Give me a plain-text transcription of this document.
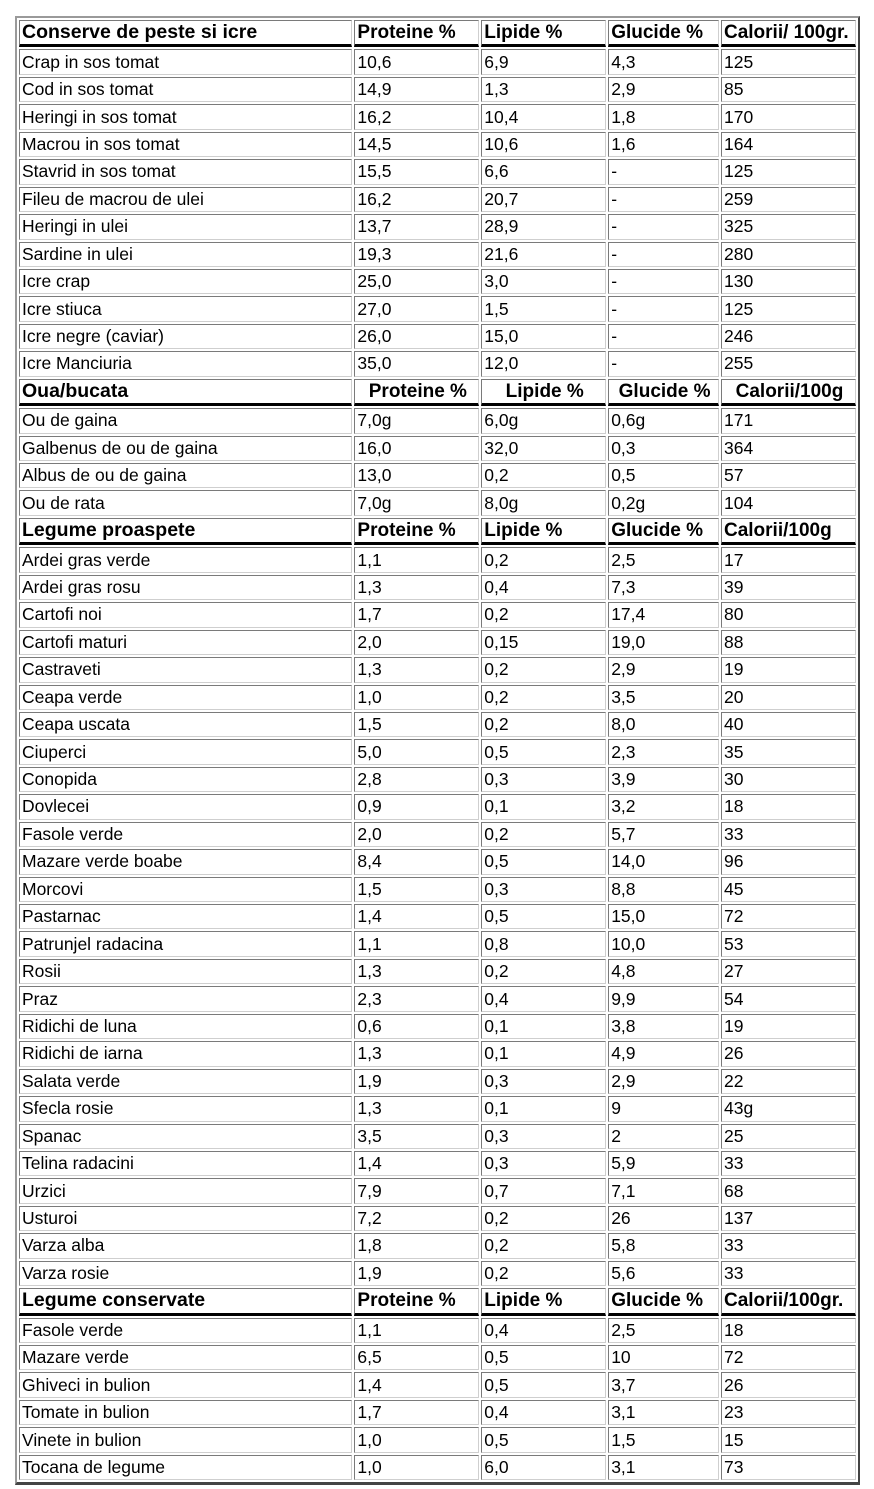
Conserve de peste si icre	Proteine %	Lipide %	Glucide %	Calorii/ 100gr.
Crap in sos tomat	10,6	6,9	4,3	125
Cod in sos tomat	14,9	1,3	2,9	85
Heringi in sos tomat	16,2	10,4	1,8	170
Macrou in sos tomat	14,5	10,6	1,6	164
Stavrid in sos tomat	15,5	6,6	-	125
Fileu de macrou de ulei	16,2	20,7	-	259
Heringi in ulei	13,7	28,9	-	325
Sardine in ulei	19,3	21,6	-	280
Icre crap	25,0	3,0	-	130
Icre stiuca	27,0	1,5	-	125
Icre negre (caviar)	26,0	15,0	-	246
Icre Manciuria	35,0	12,0	-	255
Oua/bucata	Proteine %	Lipide %	Glucide %	Calorii/100g
Ou de gaina	7,0g	6,0g	0,6g	171
Galbenus de ou de gaina	16,0	32,0	0,3	364
Albus de ou de gaina	13,0	0,2	0,5	57
Ou de rata	7,0g	8,0g	0,2g	104
Legume proaspete	Proteine %	Lipide %	Glucide %	Calorii/100g
Ardei gras verde	1,1	0,2	2,5	17
Ardei gras rosu	1,3	0,4	7,3	39
Cartofi noi	1,7	0,2	17,4	80
Cartofi maturi	2,0	0,15	19,0	88
Castraveti	1,3	0,2	2,9	19
Ceapa verde	1,0	0,2	3,5	20
Ceapa uscata	1,5	0,2	8,0	40
Ciuperci	5,0	0,5	2,3	35
Conopida	2,8	0,3	3,9	30
Dovlecei	0,9	0,1	3,2	18
Fasole verde	2,0	0,2	5,7	33
Mazare verde boabe	8,4	0,5	14,0	96
Morcovi	1,5	0,3	8,8	45
Pastarnac	1,4	0,5	15,0	72
Patrunjel radacina	1,1	0,8	10,0	53
Rosii	1,3	0,2	4,8	27
Praz	2,3	0,4	9,9	54
Ridichi de luna	0,6	0,1	3,8	19
Ridichi de iarna	1,3	0,1	4,9	26
Salata verde	1,9	0,3	2,9	22
Sfecla rosie	1,3	0,1	9	43g
Spanac	3,5	0,3	2	25
Telina radacini	1,4	0,3	5,9	33
Urzici	7,9	0,7	7,1	68
Usturoi	7,2	0,2	26	137
Varza alba	1,8	0,2	5,8	33
Varza rosie	1,9	0,2	5,6	33
Legume conservate	Proteine %	Lipide %	Glucide %	Calorii/100gr.
Fasole verde	1,1	0,4	2,5	18
Mazare verde	6,5	0,5	10	72
Ghiveci in bulion	1,4	0,5	3,7	26
Tomate in bulion	1,7	0,4	3,1	23
Vinete in bulion	1,0	0,5	1,5	15
Tocana de legume	1,0	6,0	3,1	73
